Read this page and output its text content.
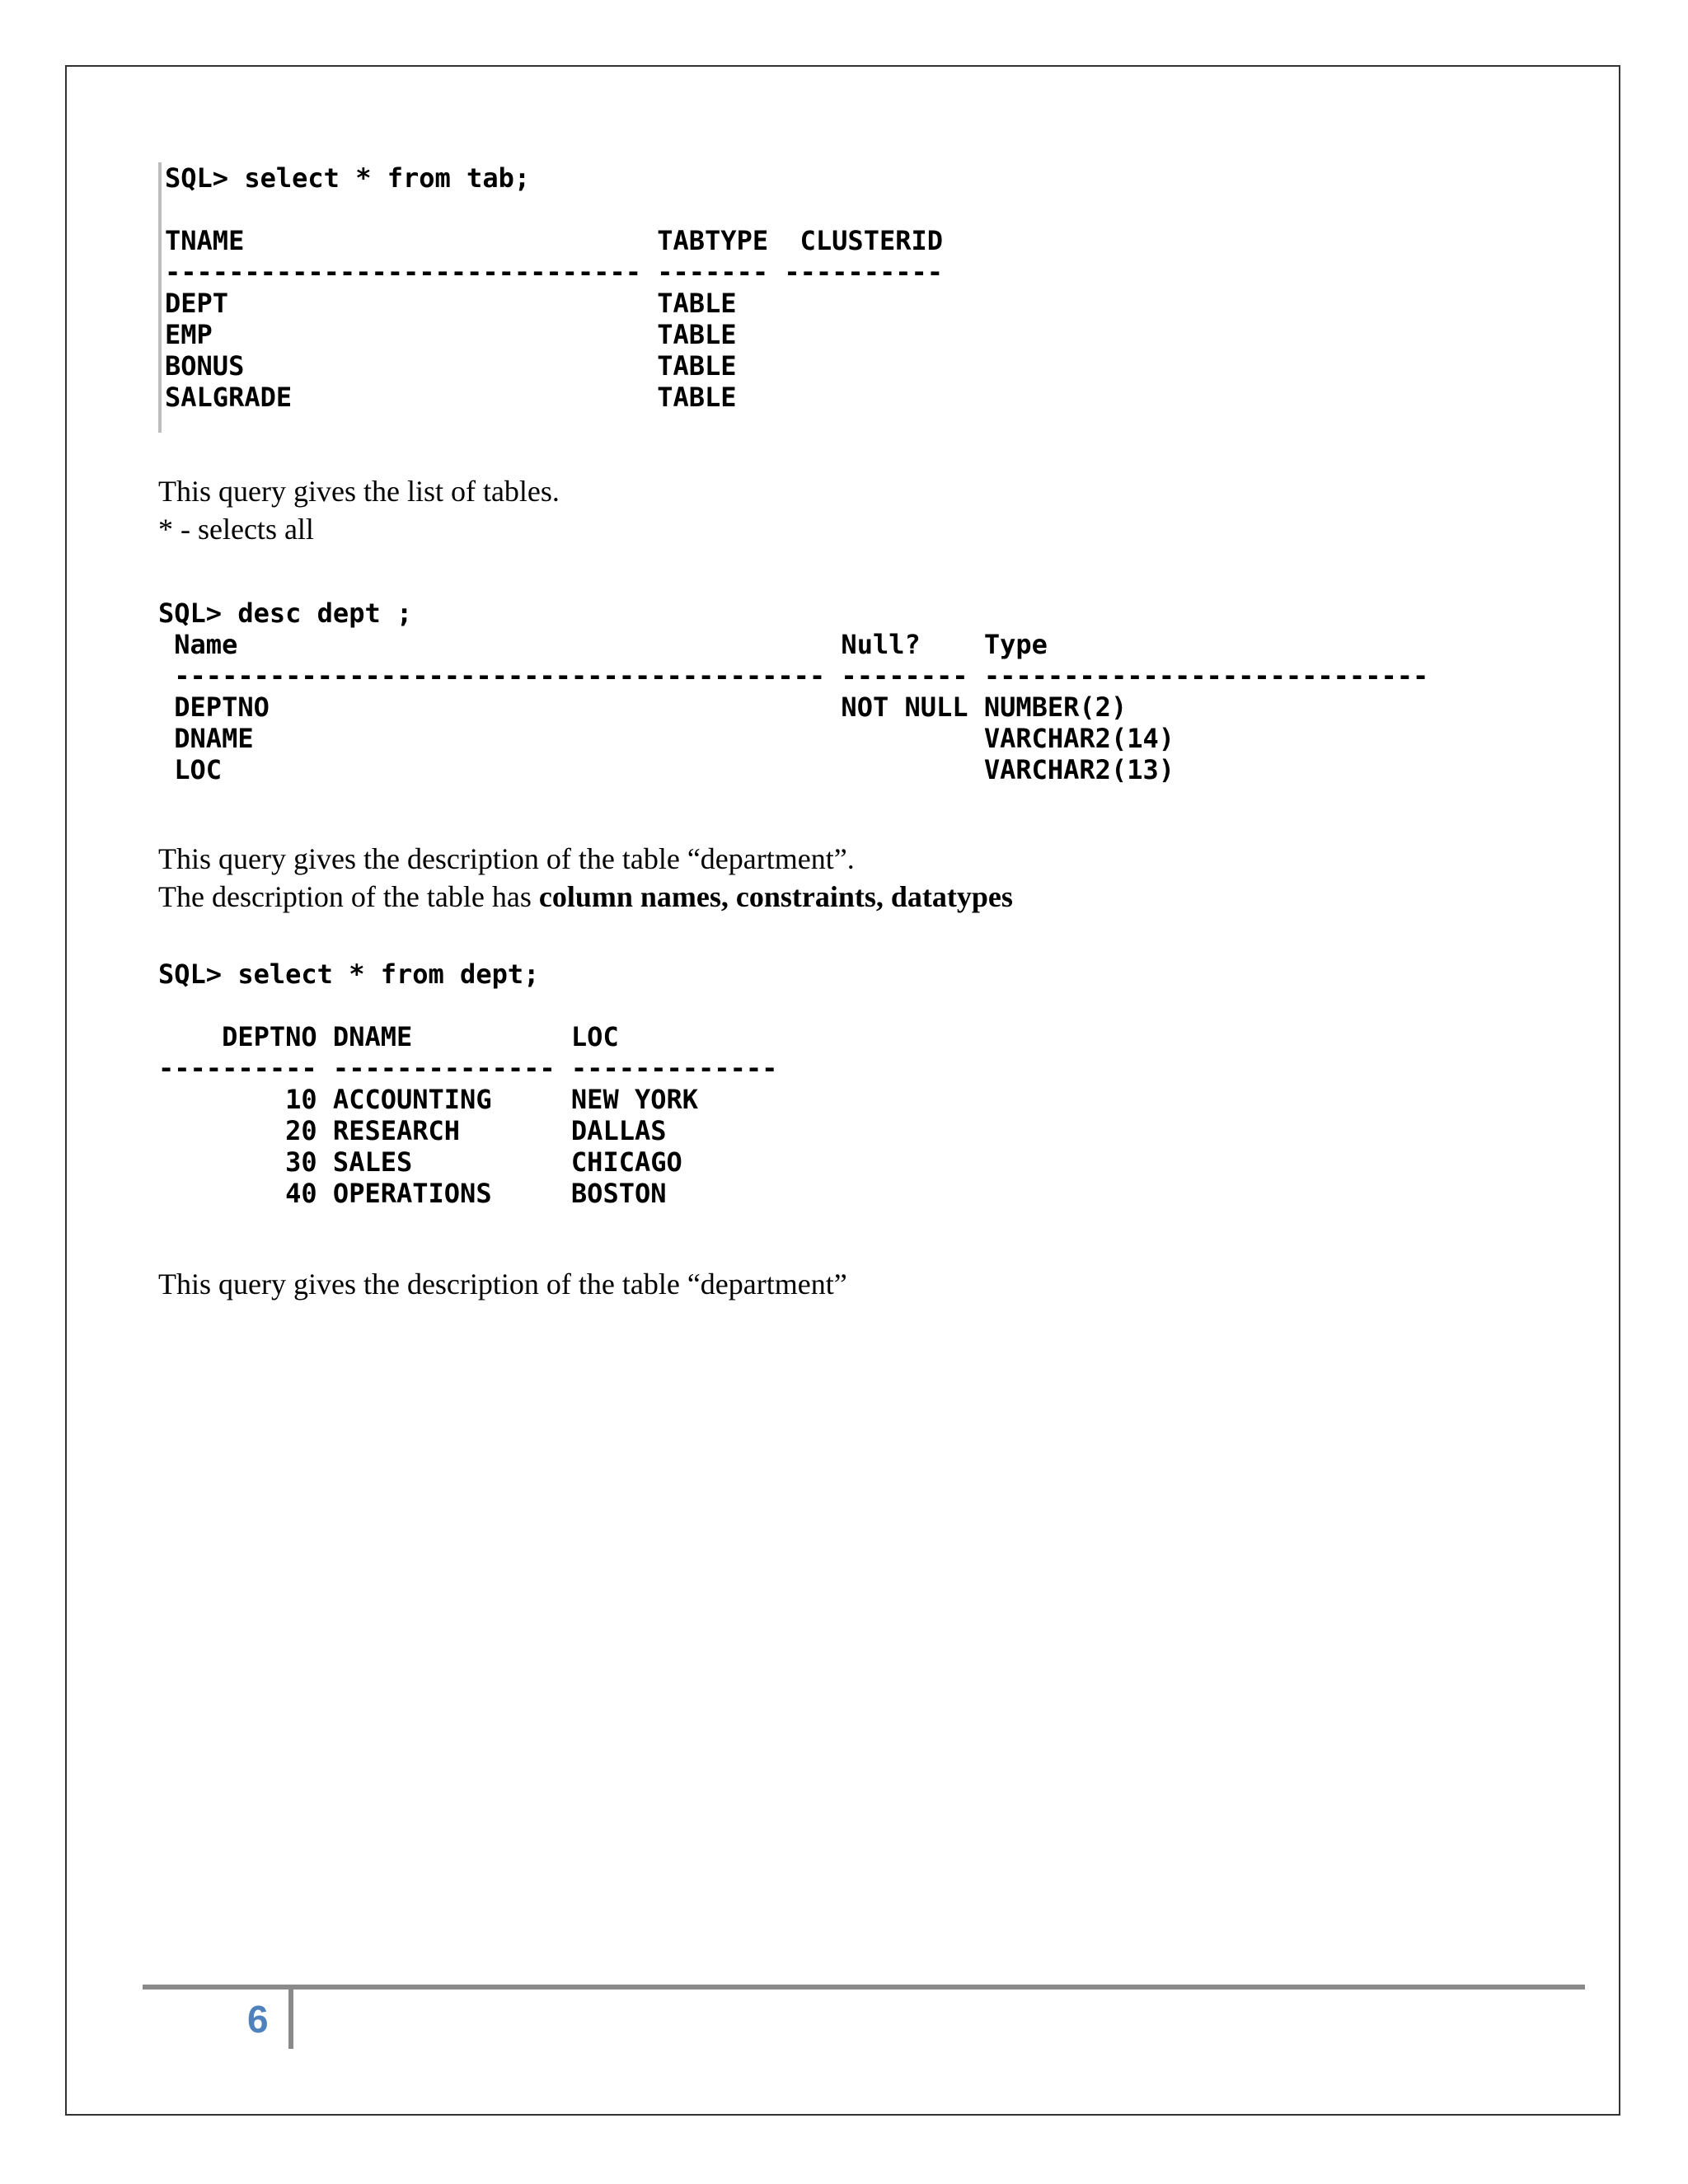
SQL> select * from tab;

TNAME                          TABTYPE  CLUSTERID
------------------------------ ------- ----------
DEPT                           TABLE
EMP                            TABLE
BONUS                          TABLE
SALGRADE                       TABLE
This query gives the list of tables.
* - selects all
SQL> desc dept ;
Name                                      Null?    Type
----------------------------------------- -------- ----------------------------
DEPTNO                                    NOT NULL NUMBER(2)
DNAME                                              VARCHAR2(14)
LOC                                                VARCHAR2(13)
This query gives the description of the table “department”.
The description of the table has column names, constraints, datatypes
SQL> select * from dept;

DEPTNO DNAME          LOC
---------- -------------- -------------
10 ACCOUNTING     NEW YORK
20 RESEARCH       DALLAS
30 SALES          CHICAGO
40 OPERATIONS     BOSTON
This query gives the description of the table “department”
6
